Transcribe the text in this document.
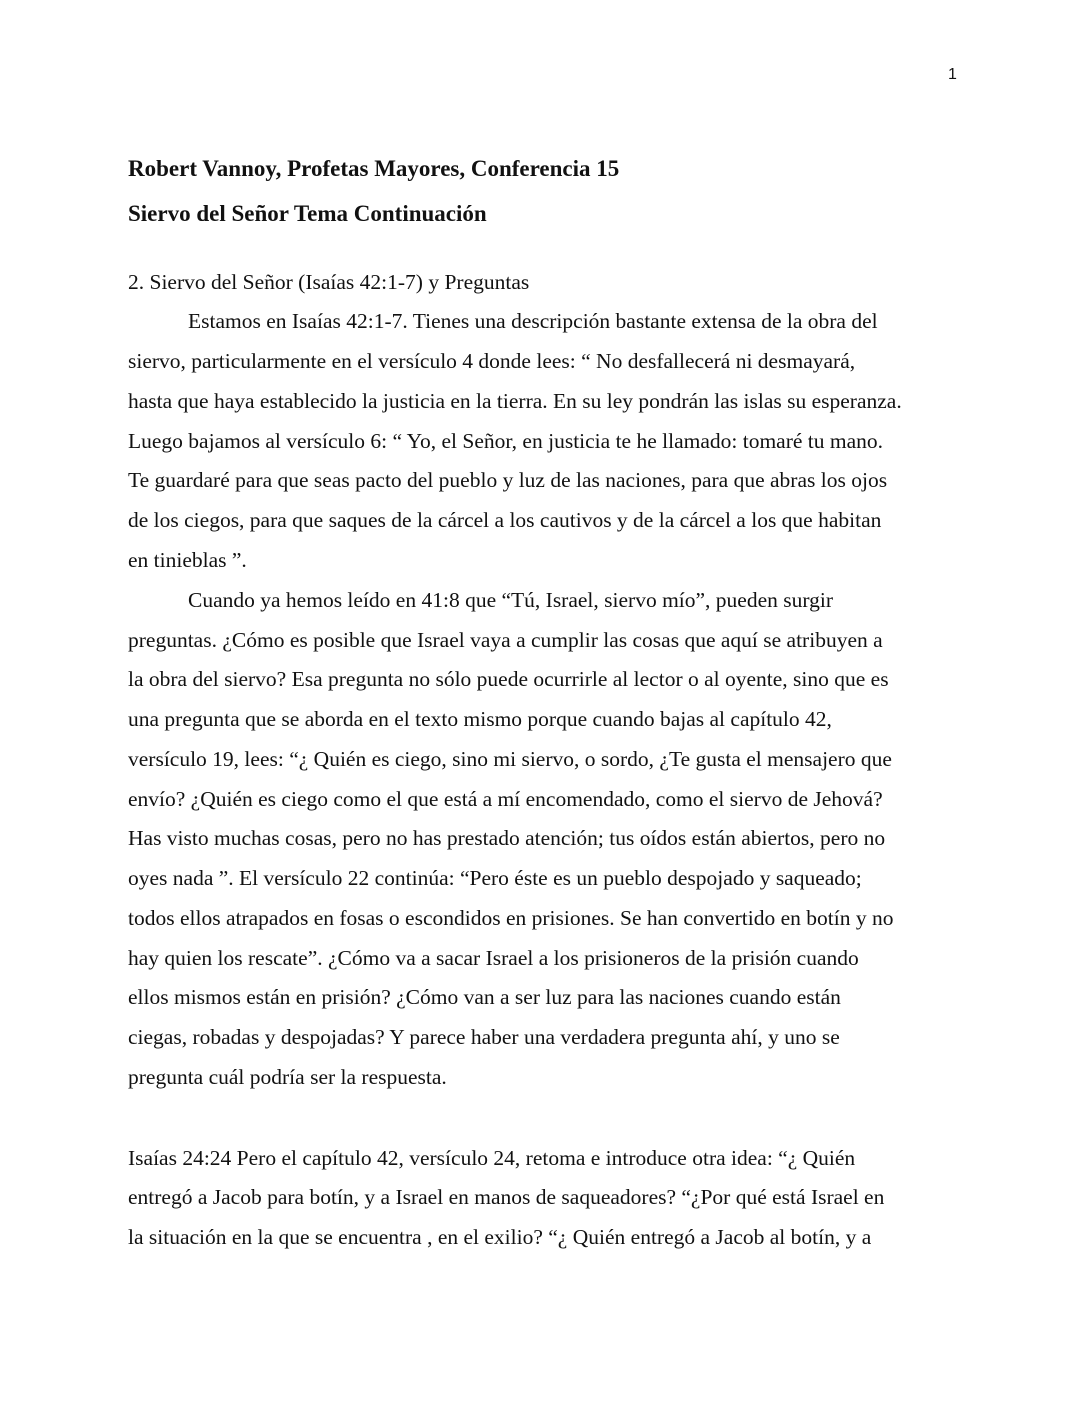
1
Robert Vannoy, Profetas Mayores, Conferencia 15
Siervo del Señor Tema Continuación
2. Siervo del Señor (Isaías 42:1-7) y Preguntas
Estamos en Isaías 42:1-7. Tienes una descripción bastante extensa de la obra del
siervo, particularmente en el versículo 4 donde lees: “ No desfallecerá ni desmayará,
hasta que haya establecido la justicia en la tierra. En su ley pondrán las islas su esperanza.
Luego bajamos al versículo 6: “ Yo, el Señor, en justicia te he llamado: tomaré tu mano.
Te guardaré para que seas pacto del pueblo y luz de las naciones, para que abras los ojos
de los ciegos, para que saques de la cárcel a los cautivos y de la cárcel a los que habitan
en tinieblas ”.
Cuando ya hemos leído en 41:8 que “Tú, Israel, siervo mío”, pueden surgir
preguntas. ¿Cómo es posible que Israel vaya a cumplir las cosas que aquí se atribuyen a
la obra del siervo? Esa pregunta no sólo puede ocurrirle al lector o al oyente, sino que es
una pregunta que se aborda en el texto mismo porque cuando bajas al capítulo 42,
versículo 19, lees: “¿ Quién es ciego, sino mi siervo, o sordo, ¿Te gusta el mensajero que
envío? ¿Quién es ciego como el que está a mí encomendado, como el siervo de Jehová?
Has visto muchas cosas, pero no has prestado atención; tus oídos están abiertos, pero no
oyes nada ”. El versículo 22 continúa: “Pero éste es un pueblo despojado y saqueado;
todos ellos atrapados en fosas o escondidos en prisiones. Se han convertido en botín y no
hay quien los rescate”. ¿Cómo va a sacar Israel a los prisioneros de la prisión cuando
ellos mismos están en prisión? ¿Cómo van a ser luz para las naciones cuando están
ciegas, robadas y despojadas? Y parece haber una verdadera pregunta ahí, y uno se
pregunta cuál podría ser la respuesta.
Isaías 24:24 Pero el capítulo 42, versículo 24, retoma e introduce otra idea: “¿ Quién
entregó a Jacob para botín, y a Israel en manos de saqueadores? “¿Por qué está Israel en
la situación en la que se encuentra , en el exilio? “¿ Quién entregó a Jacob al botín, y a
